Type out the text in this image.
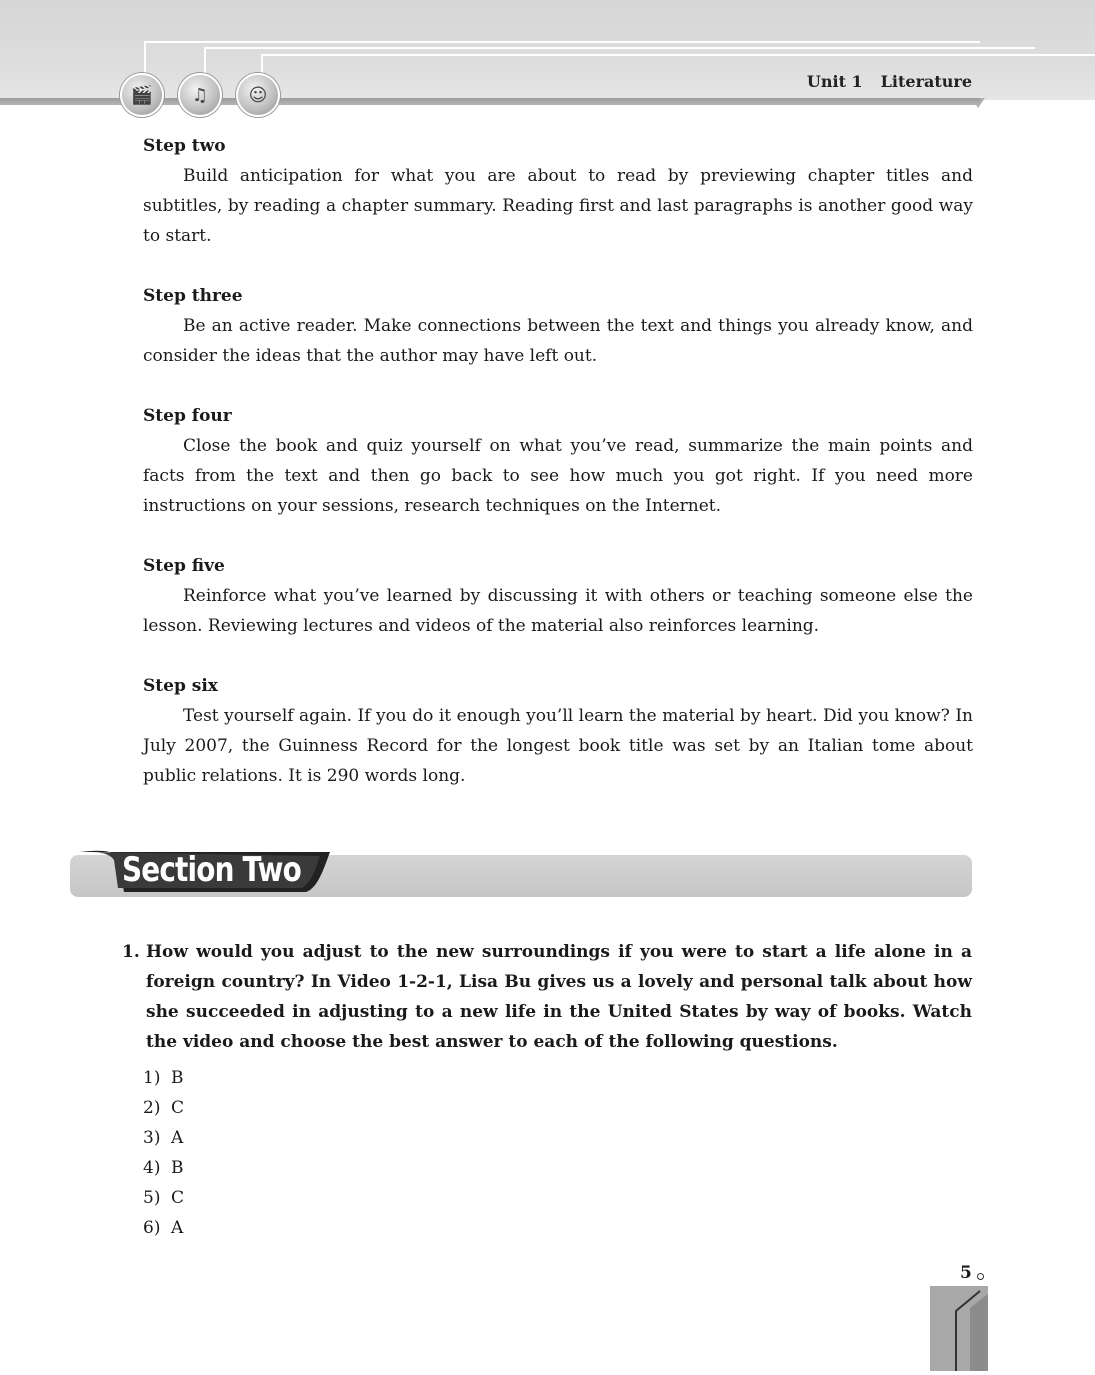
🎬	♫	☺
Unit 1 Literature
Step two

Build anticipation for what you are about to read by previewing chapter titles and subtitles, by reading a chapter summary. Reading first and last paragraphs is another good way to start.

Step three

Be an active reader. Make connections between the text and things you already know, and consider the ideas that the author may have left out.

Step four

Close the book and quiz yourself on what you’ve read, summarize the main points and facts from the text and then go back to see how much you got right. If you need more instructions on your sessions, research techniques on the Internet.

Step five

Reinforce what you’ve learned by discussing it with others or teaching someone else the lesson. Reviewing lectures and videos of the material also reinforces learning.

Step six

Test yourself again. If you do it enough you’ll learn the material by heart. Did you know? In July 2007, the Guinness Record for the longest book title was set by an Italian tome about public relations. It is 290 words long.

Section Two
1. How would you adjust to the new surroundings if you were to start a life alone in a foreign country? In Video 1-2-1, Lisa Bu gives us a lovely and personal talk about how she succeeded in adjusting to a new life in the United States by way of books. Watch the video and choose the best answer to each of the following questions.
1) B
2) C
3) A
4) B
5) C
6) A
5
